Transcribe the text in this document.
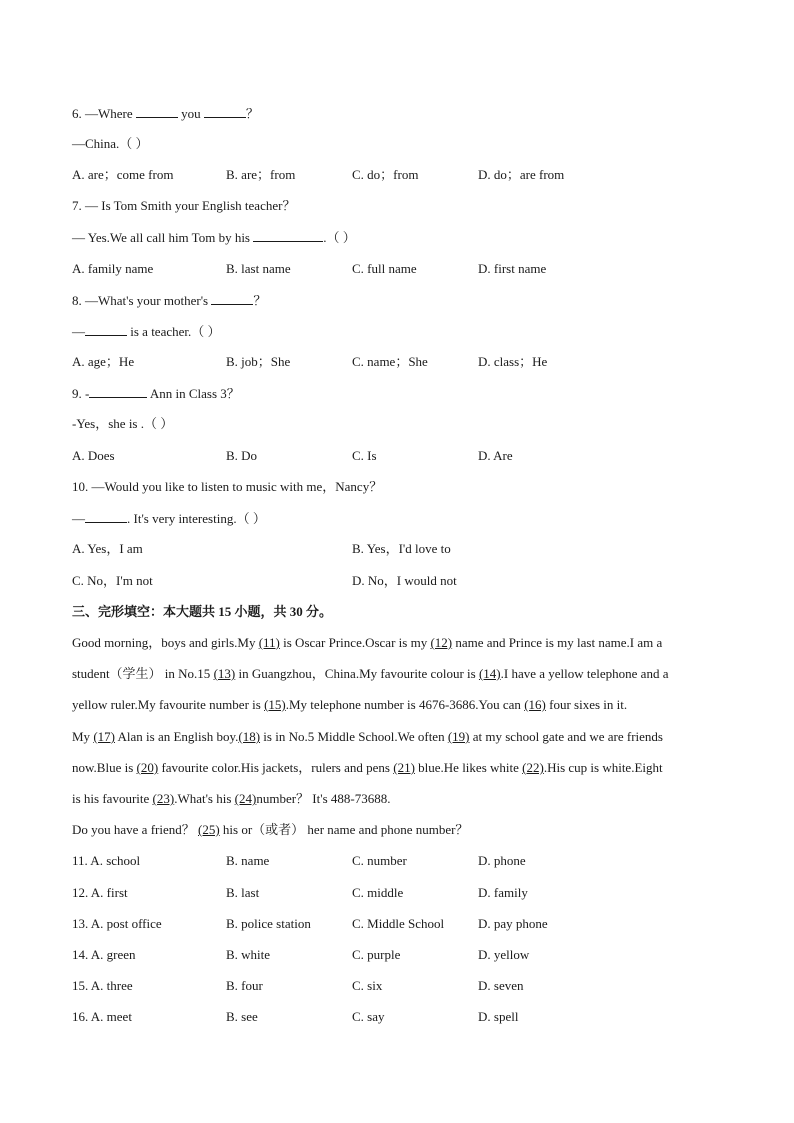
6. —Where	you	？
—China.（ ）
A. are；come from	B. are；from	C. do；from	D. do；are from
7. — Is Tom Smith your English teacher？
— Yes.We all call him Tom by his	.（ ）
A. family name	B. last name	C. full name	D. first name
8. —What's your mother's	？
—	is a teacher.（ ）
A. age；He	B. job；She	C. name；She	D. class；He
9. -	Ann in Class 3？
-Yes，she is .（ ）
A. Does	B. Do	C. Is	D. Are
10. —Would you like to listen to music with me，Nancy？
—	. It's very interesting.（ ）
A. Yes，I am	B. Yes，I'd love to
C. No，I'm not	D. No，I would not
三、完形填空：本大题共 15 小题，共 30 分。
Good morning，boys and girls.My (11) is Oscar Prince.Oscar is my (12) name and Prince is my last name.I am a
student（学生） in No.15 (13) in Guangzhou，China.My favourite colour is (14).I have a yellow telephone and a
yellow ruler.My favourite number is (15).My telephone number is 4676-3686.You can (16) four sixes in it.
My (17) Alan is an English boy.(18) is in No.5 Middle School.We often (19) at my school gate and we are friends
now.Blue is (20) favourite color.His jackets，rulers and pens (21) blue.He likes white (22).His cup is white.Eight
is his favourite (23).What's his (24)number？ It's 488-73688.
Do you have a friend？ (25) his or（或者） her name and phone number？
11. A. school	B. name	C. number	D. phone
12. A. first	B. last	C. middle	D. family
13. A. post office	B. police station	C. Middle School	D. pay phone
14. A. green	B. white	C. purple	D. yellow
15. A. three	B. four	C. six	D. seven
16. A. meet	B. see	C. say	D. spell
